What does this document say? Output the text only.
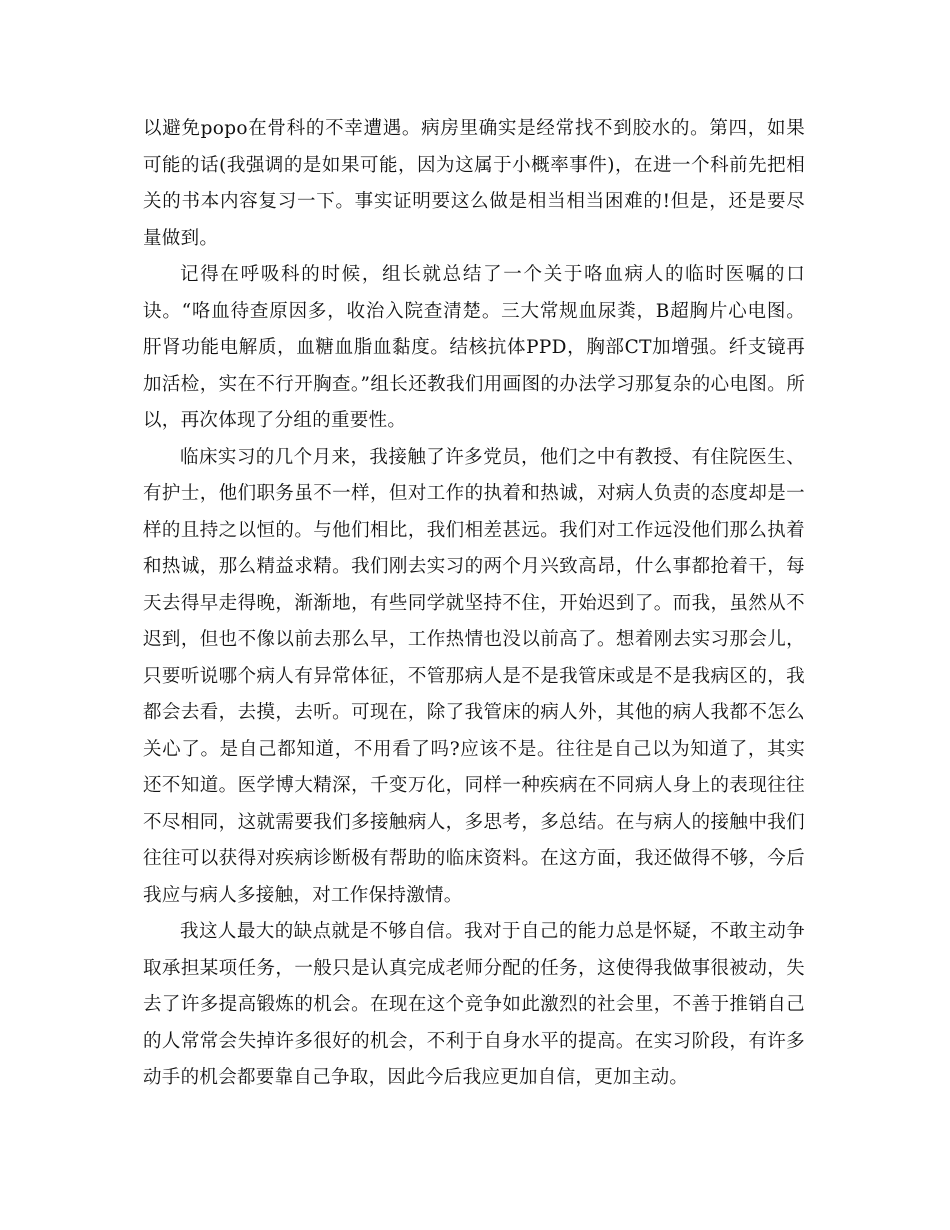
以避免popo在骨科的不幸遭遇。病房里确实是经常找不到胶水的。第四，如果可能的话(我强调的是如果可能，因为这属于小概率事件)，在进一个科前先把相关的书本内容复习一下。事实证明要这么做是相当相当困难的!但是，还是要尽量做到。

记得在呼吸科的时候，组长就总结了一个关于咯血病人的临时医嘱的口诀。“咯血待查原因多，收治入院查清楚。三大常规血尿粪，B超胸片心电图。肝肾功能电解质，血糖血脂血黏度。结核抗体PPD，胸部CT加增强。纤支镜再加活检，实在不行开胸查。”组长还教我们用画图的办法学习那复杂的心电图。所以，再次体现了分组的重要性。

临床实习的几个月来，我接触了许多党员，他们之中有教授、有住院医生、有护士，他们职务虽不一样，但对工作的执着和热诚，对病人负责的态度却是一样的且持之以恒的。与他们相比，我们相差甚远。我们对工作远没他们那么执着和热诚，那么精益求精。我们刚去实习的两个月兴致高昂，什么事都抢着干，每天去得早走得晚，渐渐地，有些同学就坚持不住，开始迟到了。而我，虽然从不迟到，但也不像以前去那么早，工作热情也没以前高了。想着刚去实习那会儿，只要听说哪个病人有异常体征，不管那病人是不是我管床或是不是我病区的，我都会去看，去摸，去听。可现在，除了我管床的病人外，其他的病人我都不怎么关心了。是自己都知道，不用看了吗?应该不是。往往是自己以为知道了，其实还不知道。医学博大精深，千变万化，同样一种疾病在不同病人身上的表现往往不尽相同，这就需要我们多接触病人，多思考，多总结。在与病人的接触中我们往往可以获得对疾病诊断极有帮助的临床资料。在这方面，我还做得不够，今后我应与病人多接触，对工作保持激情。

我这人最大的缺点就是不够自信。我对于自己的能力总是怀疑，不敢主动争取承担某项任务，一般只是认真完成老师分配的任务，这使得我做事很被动，失去了许多提高锻炼的机会。在现在这个竞争如此激烈的社会里，不善于推销自己的人常常会失掉许多很好的机会，不利于自身水平的提高。在实习阶段，有许多动手的机会都要靠自己争取，因此今后我应更加自信，更加主动。
